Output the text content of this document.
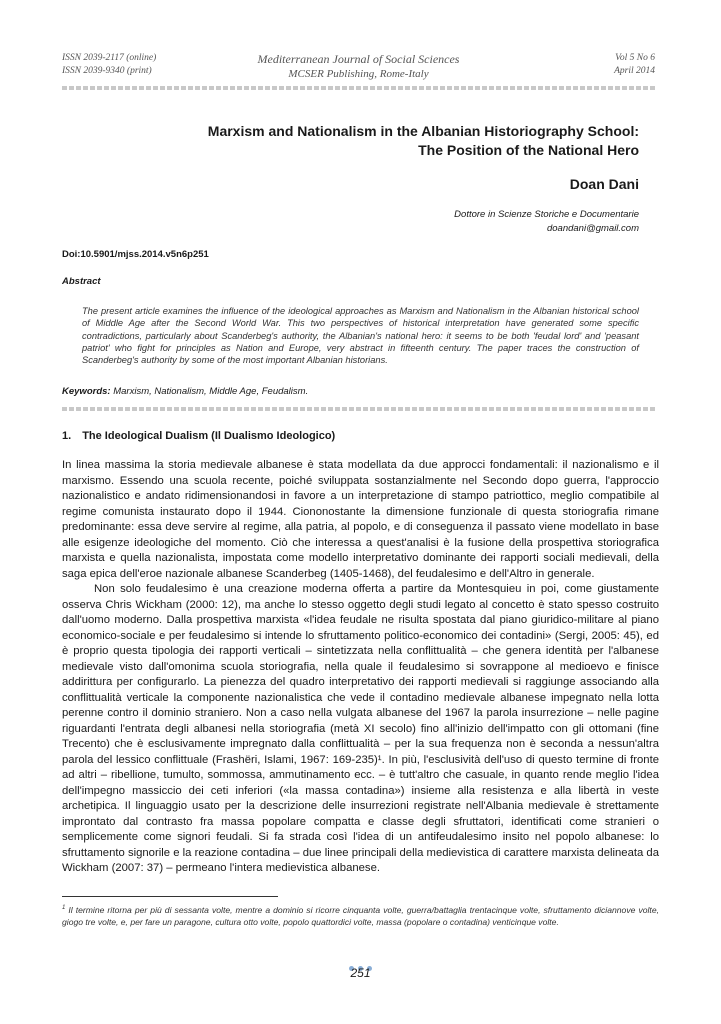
ISSN 2039-2117 (online)
ISSN 2039-9340 (print)
Mediterranean Journal of Social Sciences
MCSER Publishing, Rome-Italy
Vol 5 No 6
April 2014
Marxism and Nationalism in the Albanian Historiography School:
The Position of the National Hero
Doan Dani
Dottore in Scienze Storiche e Documentarie
doandani@gmail.com
Doi:10.5901/mjss.2014.v5n6p251
Abstract
The present article examines the influence of the ideological approaches as Marxism and Nationalism in the Albanian historical school of Middle Age after the Second World War. This two perspectives of historical interpretation have generated some specific contradictions, particularly about Scanderbeg's authority, the Albanian's national hero: it seems to be both 'feudal lord' and 'peasant patriot' who fight for principles as Nation and Europe, very abstract in fifteenth century. The paper traces the construction of Scanderbeg's authority by some of the most important Albanian historians.
Keywords: Marxism, Nationalism, Middle Age, Feudalism.
1. The Ideological Dualism (Il Dualismo Ideologico)

In linea massima la storia medievale albanese è stata modellata da due approcci fondamentali: il nazionalismo e il marxismo. Essendo una scuola recente, poiché sviluppata sostanzialmente nel Secondo dopo guerra, l'approccio nazionalistico e andato ridimensionandosi in favore a un interpretazione di stampo patriottico, meglio compatibile al regime comunista instaurato dopo il 1944. Ciononostante la dimensione funzionale di questa storiografia rimane predominante: essa deve servire al regime, alla patria, al popolo, e di conseguenza il passato viene modellato in base alle esigenze ideologiche del momento. Ciò che interessa a quest'analisi è la fusione della prospettiva storiografica marxista e quella nazionalista, impostata come modello interpretativo dominante dei rapporti sociali medievali, della saga epica dell'eroe nazionale albanese Scanderbeg (1405-1468), del feudalesimo e dell'Altro in generale.

Non solo feudalesimo è una creazione moderna offerta a partire da Montesquieu in poi, come giustamente osserva Chris Wickham (2000: 12), ma anche lo stesso oggetto degli studi legato al concetto è stato spesso costruito dall'uomo moderno. Dalla prospettiva marxista «l'idea feudale ne risulta spostata dal piano giuridico-militare al piano economico-sociale e per feudalesimo si intende lo sfruttamento politico-economico dei contadini» (Sergi, 2005: 45), ed è proprio questa tipologia dei rapporti verticali – sintetizzata nella conflittualità – che genera identità per l'albanese medievale visto dall'omonima scuola storiografia, nella quale il feudalesimo si sovrappone al medioevo e finisce addirittura per configurarlo. La pienezza del quadro interpretativo dei rapporti medievali si raggiunge associando alla conflittualità verticale la componente nazionalistica che vede il contadino medievale albanese impegnato nella lotta perenne contro il dominio straniero. Non a caso nella vulgata albanese del 1967 la parola insurrezione – nelle pagine riguardanti l'entrata degli albanesi nella storiografia (metà XI secolo) fino all'inizio dell'impatto con gli ottomani (fine Trecento) che è esclusivamente impregnato dalla conflittualità – per la sua frequenza non è seconda a nessun'altra parola del lessico conflittuale (Frashëri, Islami, 1967: 169-235)¹. In più, l'esclusività dell'uso di questo termine di fronte ad altri – ribellione, tumulto, sommossa, ammutinamento ecc. – è tutt'altro che casuale, in quanto rende meglio l'idea dell'impegno massiccio dei ceti inferiori («la massa contadina») insieme alla resistenza e alla libertà in veste archetipica. Il linguaggio usato per la descrizione delle insurrezioni registrate nell'Albania medievale è strettamente improntato dal contrasto fra massa popolare compatta e classe degli sfruttatori, identificati come stranieri o semplicemente come signori feudali. Si fa strada così l'idea di un antifeudalesimo insito nel popolo albanese: lo sfruttamento signorile e la reazione contadina – due linee principali della medievistica di carattere marxista delineata da Wickham (2007: 37) – permeano l'intera medievistica albanese.

$^1$ Il termine ritorna per più di sessanta volte, mentre a dominio si ricorre cinquanta volte, guerra/battaglia trentacinque volte, sfruttamento diciannove volte, giogo tre volte, e, per fare un paragone, cultura otto volte, popolo quattordici volte, massa (popolare o contadina) venticinque volte.
251
